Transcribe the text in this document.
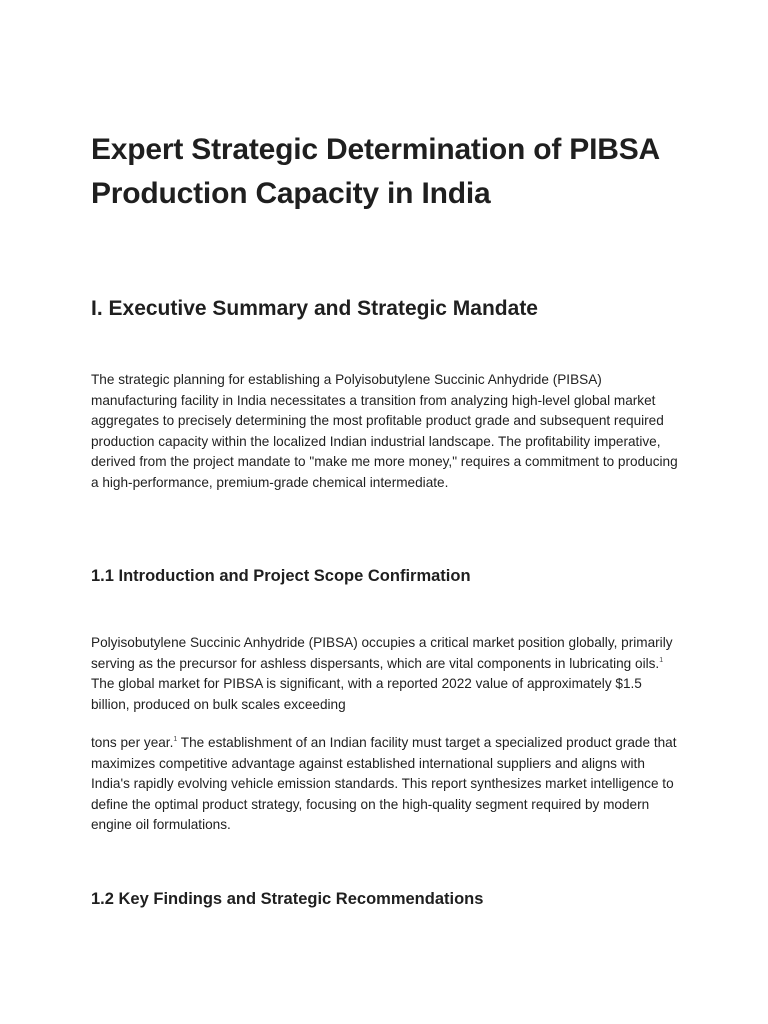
Expert Strategic Determination of PIBSA Production Capacity in India
I. Executive Summary and Strategic Mandate

The strategic planning for establishing a Polyisobutylene Succinic Anhydride (PIBSA) manufacturing facility in India necessitates a transition from analyzing high-level global market aggregates to precisely determining the most profitable product grade and subsequent required production capacity within the localized Indian industrial landscape. The profitability imperative, derived from the project mandate to "make me more money," requires a commitment to producing a high-performance, premium-grade chemical intermediate.

1.1 Introduction and Project Scope Confirmation

Polyisobutylene Succinic Anhydride (PIBSA) occupies a critical market position globally, primarily serving as the precursor for ashless dispersants, which are vital components in lubricating oils.$^1$ The global market for PIBSA is significant, with a reported 2022 value of approximately $1.5 billion, produced on bulk scales exceeding

tons per year.$^1$ The establishment of an Indian facility must target a specialized product grade that maximizes competitive advantage against established international suppliers and aligns with India's rapidly evolving vehicle emission standards. This report synthesizes market intelligence to define the optimal product strategy, focusing on the high-quality segment required by modern engine oil formulations.

1.2 Key Findings and Strategic Recommendations
